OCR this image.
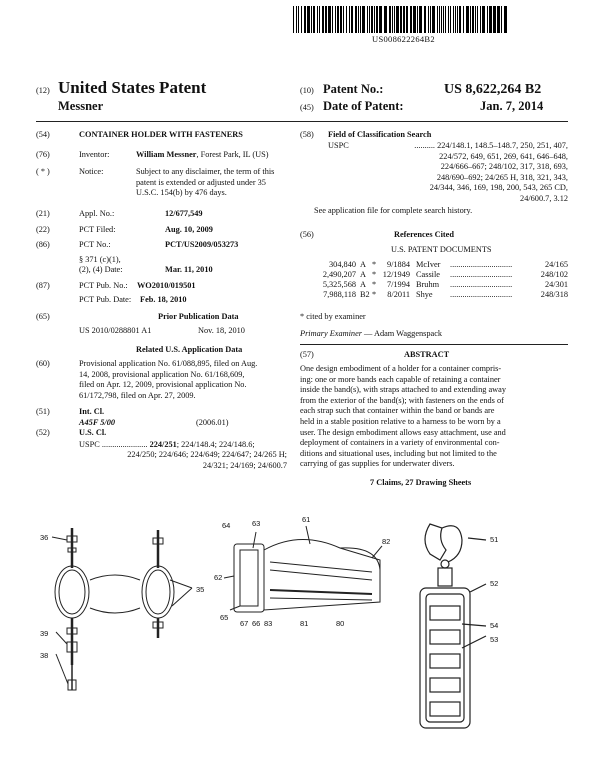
US008622264B2
(12) United States Patent
Messner
(10) Patent No.:	US 8,622,264 B2
(45) Date of Patent:	Jan. 7, 2014
(54)	CONTAINER HOLDER WITH FASTENERS
(76)	Inventor:	William Messner, Forest Park, IL (US)
( * )	Notice:	Subject to any disclaimer, the term of this
patent is extended or adjusted under 35
U.S.C. 154(b) by 476 days.
(21)	Appl. No.:	12/677,549
(22)	PCT Filed:	Aug. 10, 2009
(86)	PCT No.:	PCT/US2009/053273
§ 371 (c)(1),
(2), (4) Date:	Mar. 11, 2010
(87)	PCT Pub. No.: WO2010/019501
PCT Pub. Date: Feb. 18, 2010
(65)	Prior Publication Data
US 2010/0288801 A1	Nov. 18, 2010
Related U.S. Application Data
(60)	Provisional application No. 61/088,895, filed on Aug.
14, 2008, provisional application No. 61/168,609,
filed on Apr. 12, 2009, provisional application No.
61/172,798, filed on Apr. 27, 2009.
(51)	Int. Cl.
A45F 5/00	(2006.01)
(52)	U.S. Cl.
USPC ...................... 224/251; 224/148.4; 224/148.6;
224/250; 224/646; 224/649; 224/647; 24/265 H;
24/321; 24/169; 24/600.7
(58) Field of Classification Search
USPC	.......... 224/148.1, 148.5–148.7, 250, 251, 407,
224/572, 649, 651, 269, 641, 646–648,
224/666–667; 248/102, 317, 318, 693,
248/690–692; 24/265 H, 318, 321, 343,
24/344, 346, 169, 198, 200, 543, 265 CD,
24/600.7, 3.12
See application file for complete search history.
(56)	References Cited
U.S. PATENT DOCUMENTS
304,840 A *	9/1884 McIver	24/165
..............................
2,490,207 A * 12/1949 Cassile	248/102
..............................
5,325,568 A *	7/1994 Bruhm	24/301
..............................
7,988,118 B2 *	8/2011 Shye	248/318
..............................
* cited by examiner
Primary Examiner — Adam Waggenspack
(57)	ABSTRACT
One design embodiment of a holder for a container compris-
ing: one or more bands each capable of retaining a container
inside the band(s), with straps attached to and extending away
from the exterior of the band(s); with fasteners on the ends of
each strap such that container within the band or bands are
held in a stable position relative to a harness to be worn by a
user. The design embodiment allows easy attachment, use and
deployment of containers in a variety of environmental con-
ditions and situational uses, including but not limited to the
carrying of gas supplies for underwater divers.
7 Claims, 27 Drawing Sheets
36
35
39
38
64	63	61
62
82
65
67 66 83	81	80
51
52
54
53
